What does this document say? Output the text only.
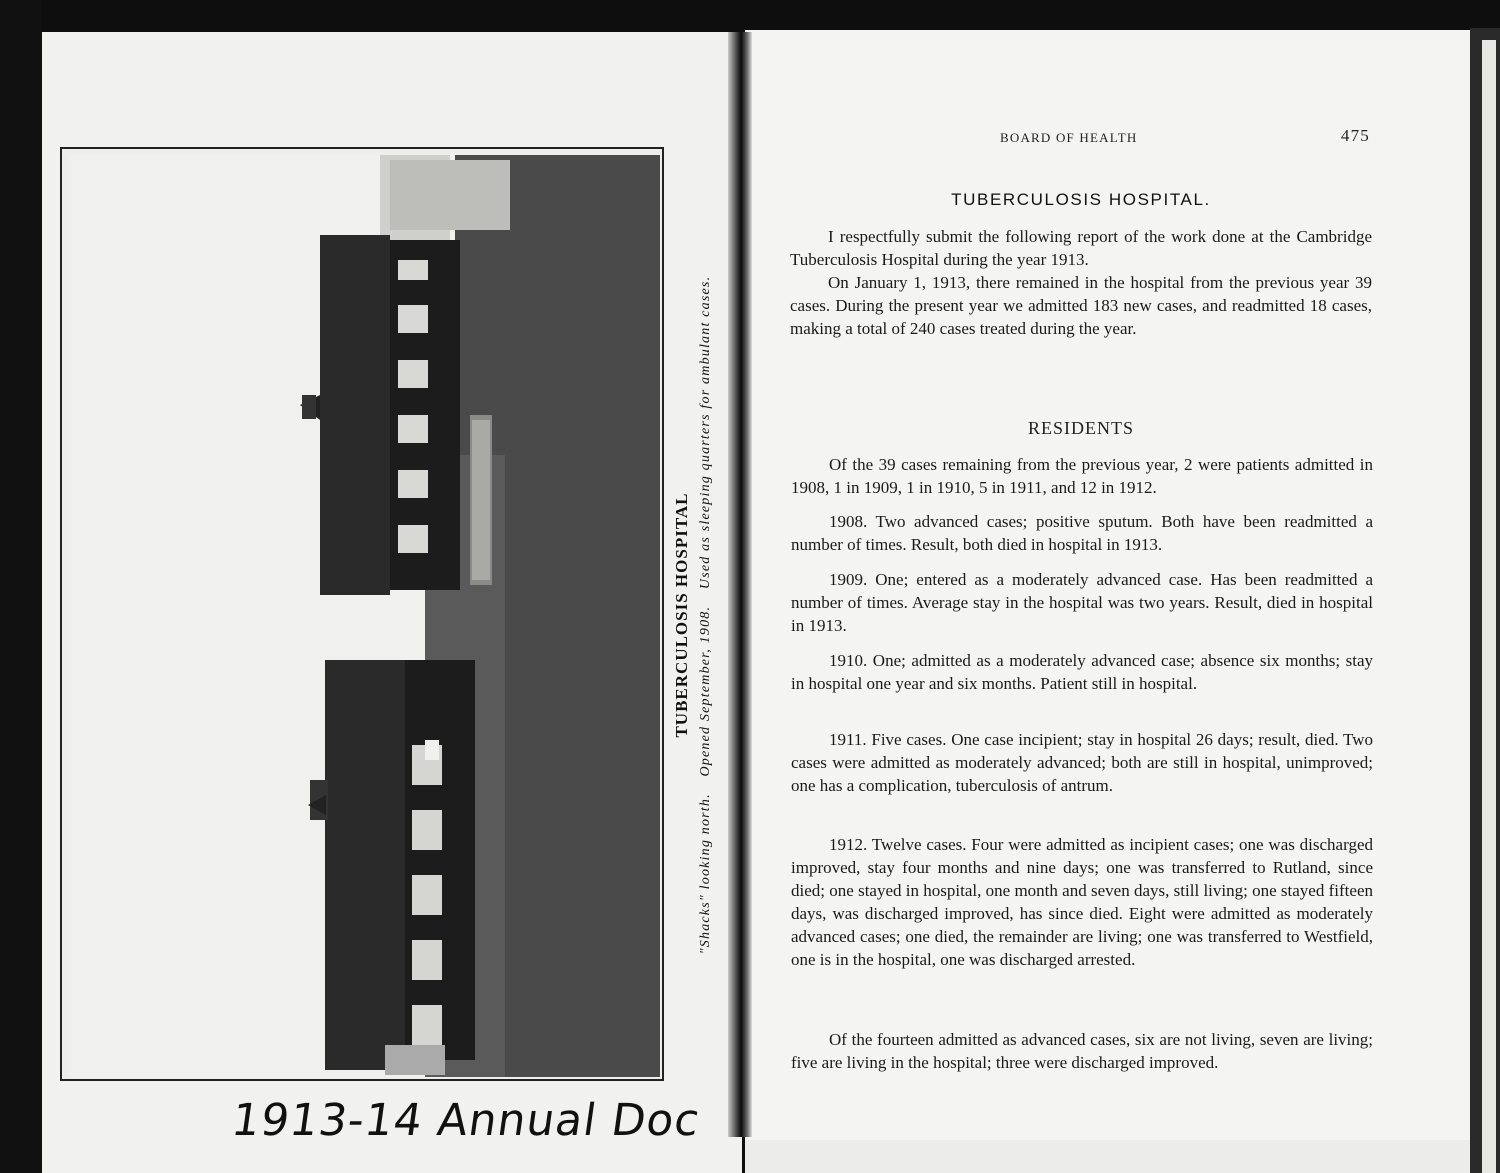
TUBERCULOSIS HOSPITAL
"Shacks" looking north. Opened September, 1908. Used as sleeping quarters for ambulant cases.
1913-14 Annual Doc
BOARD OF HEALTH	475
TUBERCULOSIS HOSPITAL.

I respectfully submit the following report of the work done at the Cambridge Tuberculosis Hospital during the year 1913.

On January 1, 1913, there remained in the hospital from the previous year 39 cases. During the present year we admitted 183 new cases, and readmitted 18 cases, making a total of 240 cases treated during the year.

RESIDENTS

Of the 39 cases remaining from the previous year, 2 were patients admitted in 1908, 1 in 1909, 1 in 1910, 5 in 1911, and 12 in 1912.

1908. Two advanced cases; positive sputum. Both have been readmitted a number of times. Result, both died in hospital in 1913.

1909. One; entered as a moderately advanced case. Has been readmitted a number of times. Average stay in the hospital was two years. Result, died in hospital in 1913.

1910. One; admitted as a moderately advanced case; absence six months; stay in hospital one year and six months. Patient still in hospital.

1911. Five cases. One case incipient; stay in hospital 26 days; result, died. Two cases were admitted as moderately advanced; both are still in hospital, unimproved; one has a complication, tuberculosis of antrum.

1912. Twelve cases. Four were admitted as incipient cases; one was discharged improved, stay four months and nine days; one was transferred to Rutland, since died; one stayed in hospital, one month and seven days, still living; one stayed fifteen days, was discharged improved, has since died. Eight were admitted as moderately advanced cases; one died, the remainder are living; one was transferred to Westfield, one is in the hospital, one was discharged arrested.

Of the fourteen admitted as advanced cases, six are not living, seven are living; five are living in the hospital; three were discharged improved.
